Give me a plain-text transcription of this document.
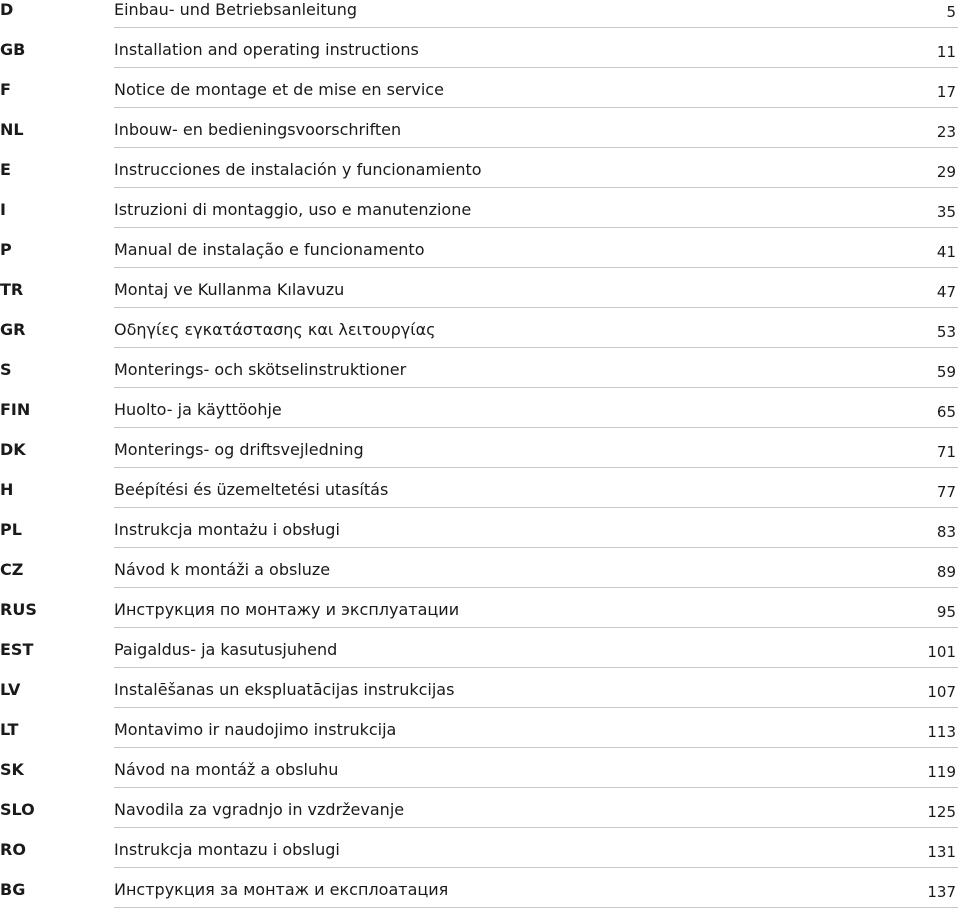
D	Einbau- und Betriebsanleitung	5
GB	Installation and operating instructions	11
F	Notice de montage et de mise en service	17
NL	Inbouw- en bedieningsvoorschriften	23
E	Instrucciones de instalación y funcionamiento	29
I	Istruzioni di montaggio, uso e manutenzione	35
P	Manual de instalação e funcionamento	41
TR	Montaj ve Kullanma Kılavuzu	47
GR	Οδηγίες εγκατάστασης και λειτουργίας	53
S	Monterings- och skötselinstruktioner	59
FIN	Huolto- ja käyttöohje	65
DK	Monterings- og driftsvejledning	71
H	Beépítési és üzemeltetési utasítás	77
PL	Instrukcja montażu i obsługi	83
CZ	Návod k montáži a obsluze	89
RUS	Инструкция по монтажу и эксплуатации	95
EST	Paigaldus- ja kasutusjuhend	101
LV	Instalēšanas un ekspluatācijas instrukcijas	107
LT	Montavimo ir naudojimo instrukcija	113
SK	Návod na montáž a obsluhu	119
SLO	Navodila za vgradnjo in vzdrževanje	125
RO	Instrukcja montazu i obslugi	131
BG	Инструкция за монтаж и експлоатация	137
